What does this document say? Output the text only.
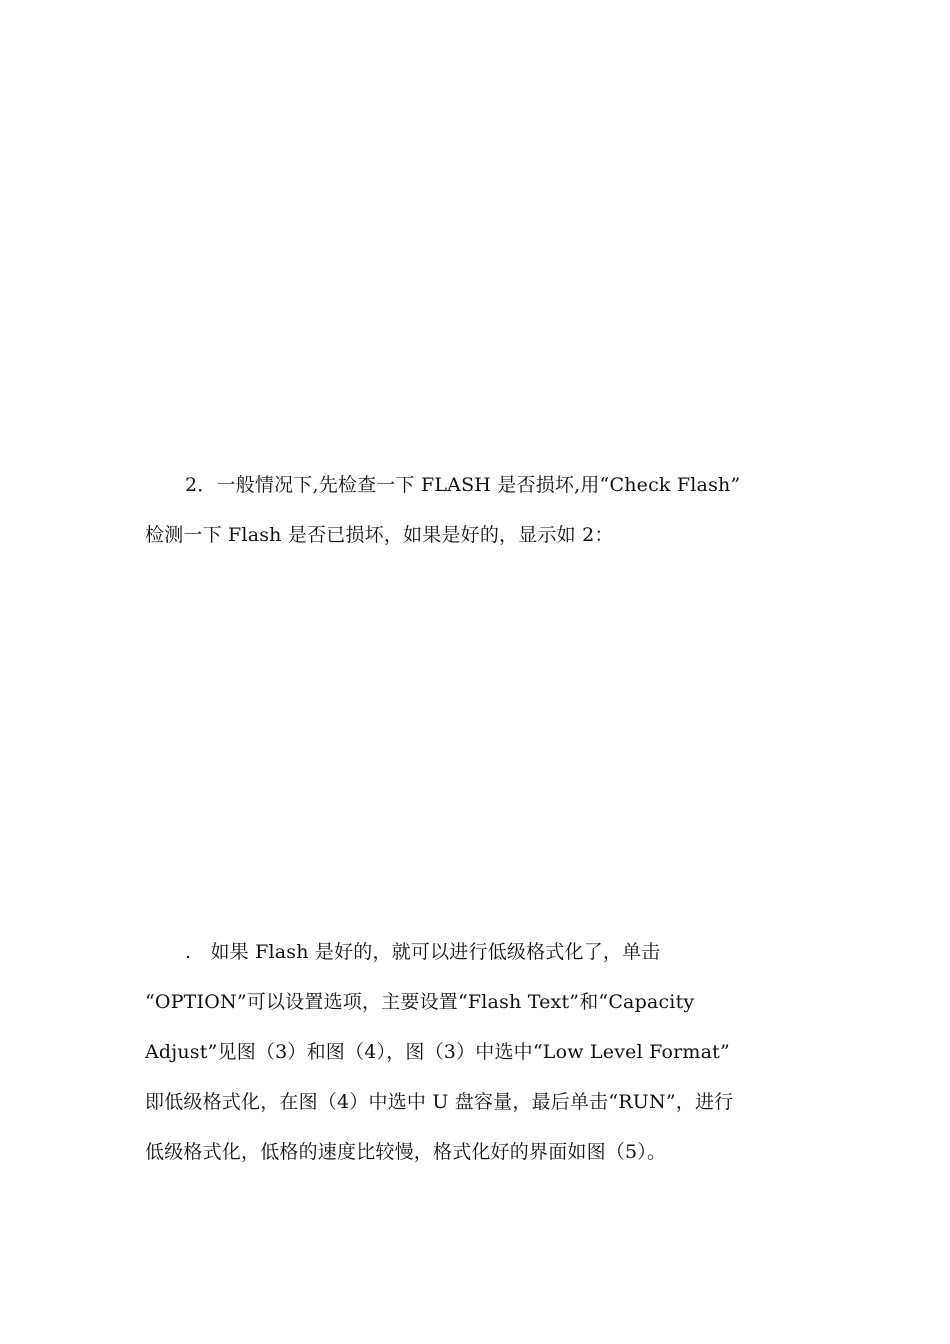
2．一般情况下,先检查一下 FLASH 是否损坏,用“Check Flash”
检测一下 Flash 是否已损坏，如果是好的，显示如 2：
.　如果 Flash 是好的，就可以进行低级格式化了，单击
“OPTION”可以设置选项，主要设置“Flash Text”和“Capacity
Adjust”见图（3）和图（4），图（3）中选中“Low Level Format”
即低级格式化，在图（4）中选中 U 盘容量，最后单击“RUN”，进行
低级格式化，低格的速度比较慢，格式化好的界面如图（5）。
